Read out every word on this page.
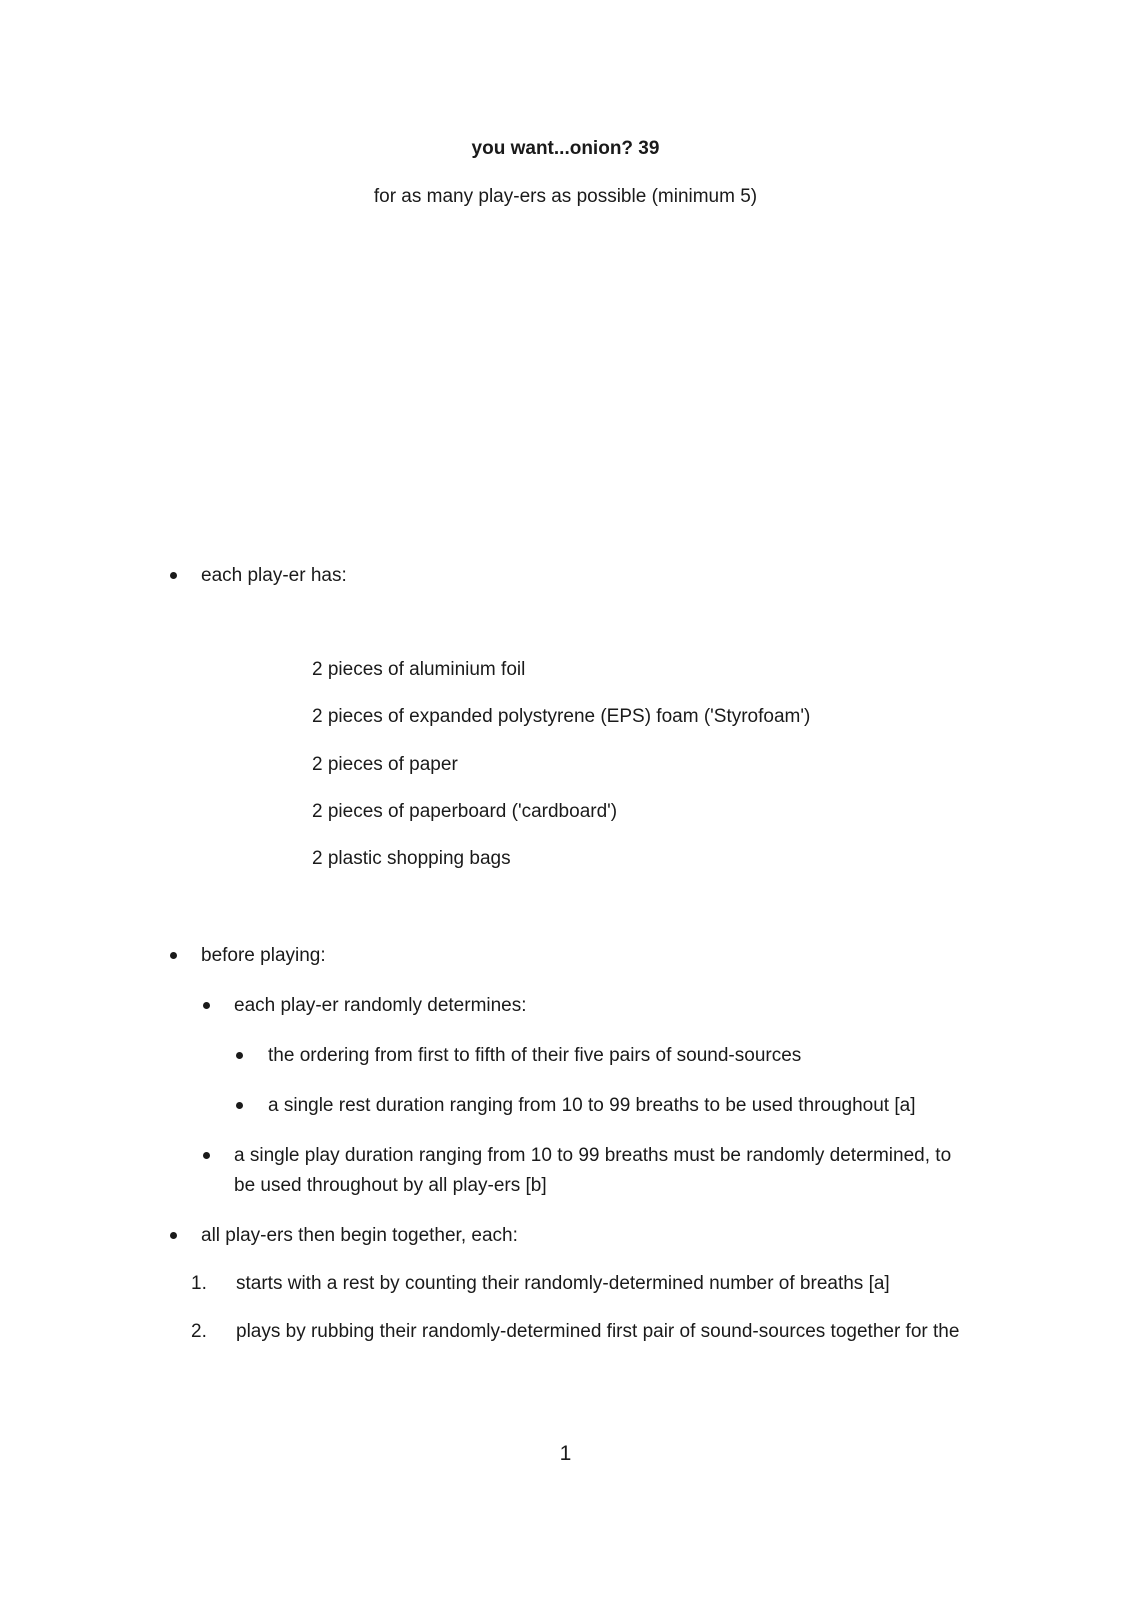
you want...onion? 39
for as many play-ers as possible (minimum 5)
each play-er has:
2 pieces of aluminium foil
2 pieces of expanded polystyrene (EPS) foam ('Styrofoam')
2 pieces of paper
2 pieces of paperboard ('cardboard')
2 plastic shopping bags
before playing:
each play-er randomly determines:
the ordering from first to fifth of their five pairs of sound-sources
a single rest duration ranging from 10 to 99 breaths to be used throughout [a]
a single play duration ranging from 10 to 99 breaths must be randomly determined, to be used throughout by all play-ers [b]
all play-ers then begin together, each:
1. starts with a rest by counting their randomly-determined number of breaths [a]
2. plays by rubbing their randomly-determined first pair of sound-sources together for the
1
